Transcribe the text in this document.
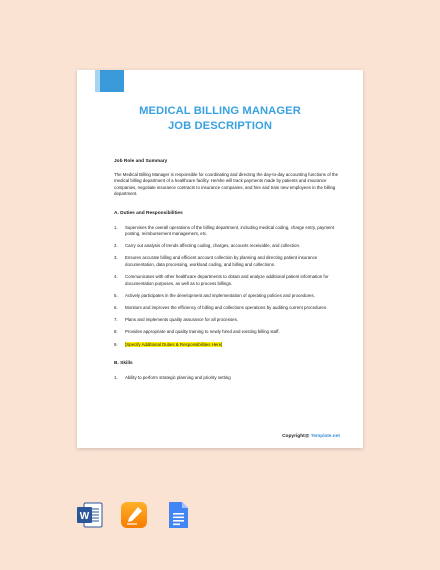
MEDICAL BILLING MANAGER
JOB DESCRIPTION
Job Role and Summary
The Medical Billing Manager is responsible for coordinating and directing the day-to-day accounting functions of the medical billing department of a healthcare facility. He/she will track payments made by patients and insurance companies, negotiate insurance contracts to insurance companies, and hire and train new employees in the billing department.
A. Duties and Responsibilities
1. Supervises the overall operations of the billing department, including medical coding, charge entry, payment posting, reimbursement management, etc.
2. Carry out analysis of trends affecting coding, charges, accounts receivable, and collection.
3. Ensures accurate billing and efficient account collection by planning and directing patient insurance documentation, data processing, workload coding, and billing and collections.
4. Communicates with other healthcare departments to obtain and analyze additional patient information for documentation purposes, as well as to process billings.
5. Actively participates in the development and implementation of operating policies and procedures.
6. Monitors and improves the efficiency of billing and collections operations by auditing current procedures.
7. Plans and implements quality assurance for all processes.
8. Provides appropriate and quality training to newly hired and existing billing staff.
9. [Specify Additional Duties & Responsibilities Here]
B. Skills
1. Ability to perform strategic planning and priority setting
Copyright@ Template.net
W
